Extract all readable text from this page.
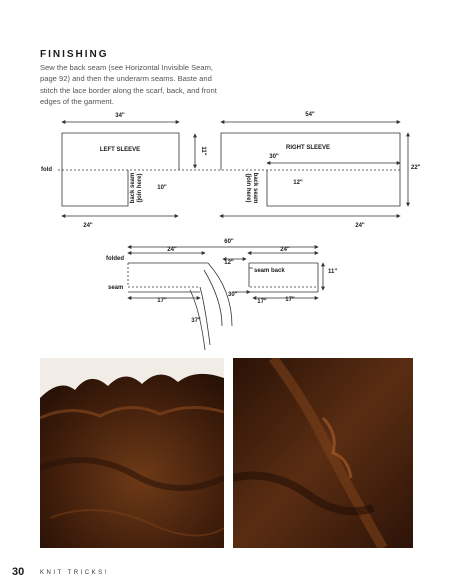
FINISHING
Sew the back seam (see Horizontal Invisible Seam, page 92) and then the underarm seams. Baste and stitch the lace border along the scarf, back, and front edges of the garment.
34"	54"
LEFT SLEEVE	RIGHT SLEEVE
30"
11"
fold
10"
12"
22"
24"	24"
back seam (join here)	back seam
(join here)
60"
24"	24"
12"
folded
seam back	11"
seam
30"
17"	17"	17"
37"
30	KNIT TRICKS!
